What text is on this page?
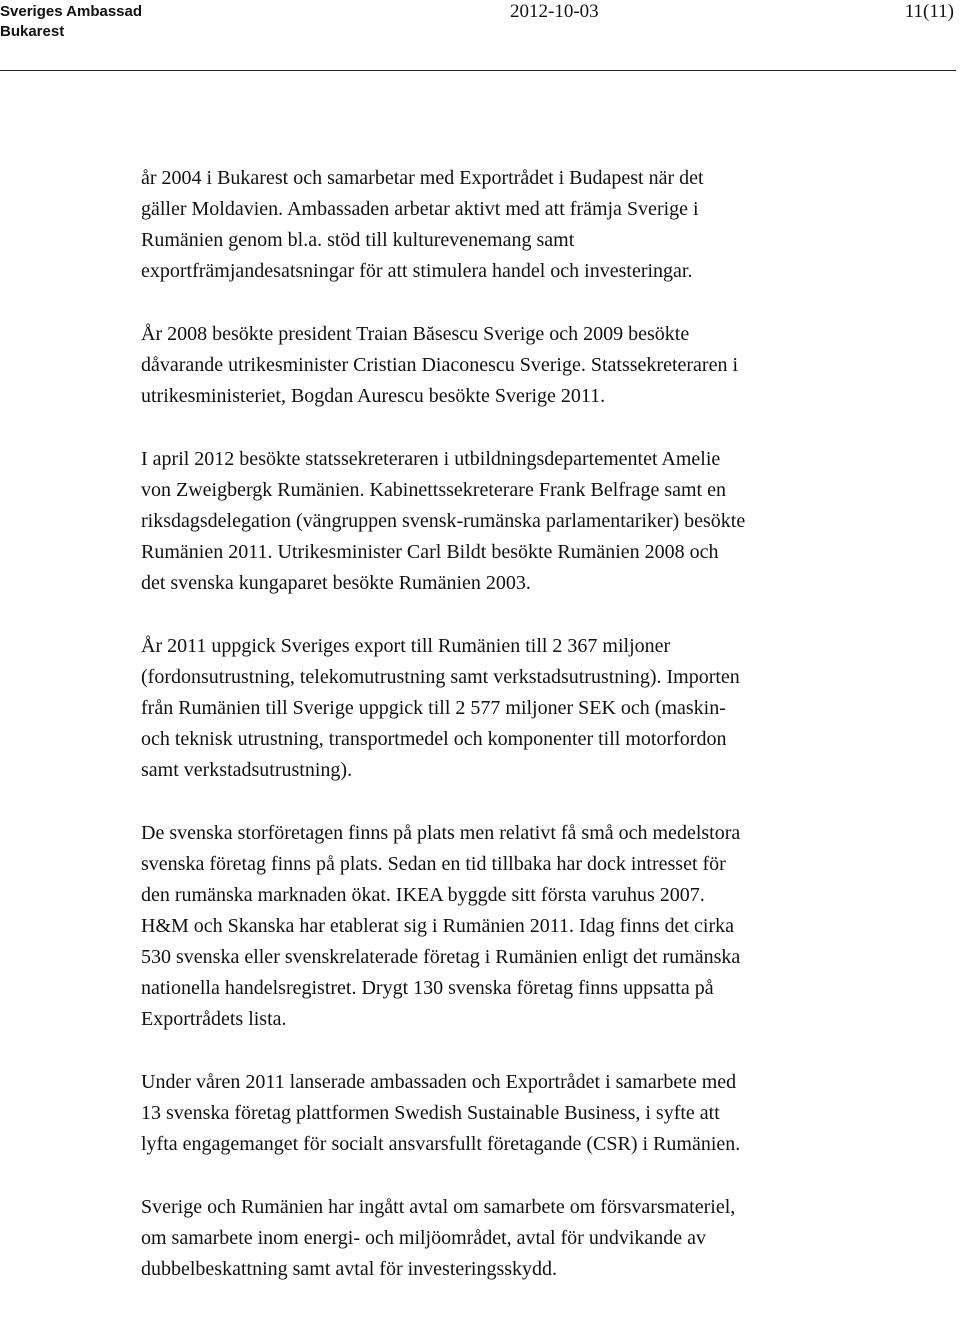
Sveriges Ambassad
Bukarest
2012-10-03	11(11)

år 2004 i Bukarest och samarbetar med Exportrådet i Budapest när det
gäller Moldavien. Ambassaden arbetar aktivt med att främja Sverige i
Rumänien genom bl.a. stöd till kulturevenemang samt
exportfrämjandesatsningar för att stimulera handel och investeringar.

År 2008 besökte president Traian Băsescu Sverige och 2009 besökte
dåvarande utrikesminister Cristian Diaconescu Sverige. Statssekreteraren i
utrikesministeriet, Bogdan Aurescu besökte Sverige 2011.

I april 2012 besökte statssekreteraren i utbildningsdepartementet Amelie
von Zweigbergk Rumänien. Kabinettssekreterare Frank Belfrage samt en
riksdagsdelegation (vängruppen svensk-rumänska parlamentariker) besökte
Rumänien 2011. Utrikesminister Carl Bildt besökte Rumänien 2008 och
det svenska kungaparet besökte Rumänien 2003.

År 2011 uppgick Sveriges export till Rumänien till 2 367 miljoner
(fordonsutrustning, telekomutrustning samt verkstadsutrustning). Importen
från Rumänien till Sverige uppgick till 2 577 miljoner SEK och (maskin-
och teknisk utrustning, transportmedel och komponenter till motorfordon
samt verkstadsutrustning).

De svenska storföretagen finns på plats men relativt få små och medelstora
svenska företag finns på plats. Sedan en tid tillbaka har dock intresset för
den rumänska marknaden ökat. IKEA byggde sitt första varuhus 2007.
H&M och Skanska har etablerat sig i Rumänien 2011. Idag finns det cirka
530 svenska eller svenskrelaterade företag i Rumänien enligt det rumänska
nationella handelsregistret. Drygt 130 svenska företag finns uppsatta på
Exportrådets lista.

Under våren 2011 lanserade ambassaden och Exportrådet i samarbete med
13 svenska företag plattformen Swedish Sustainable Business, i syfte att
lyfta engagemanget för socialt ansvarsfullt företagande (CSR) i Rumänien.

Sverige och Rumänien har ingått avtal om samarbete om försvarsmateriel,
om samarbete inom energi- och miljöområdet, avtal för undvikande av
dubbelbeskattning samt avtal för investeringsskydd.
